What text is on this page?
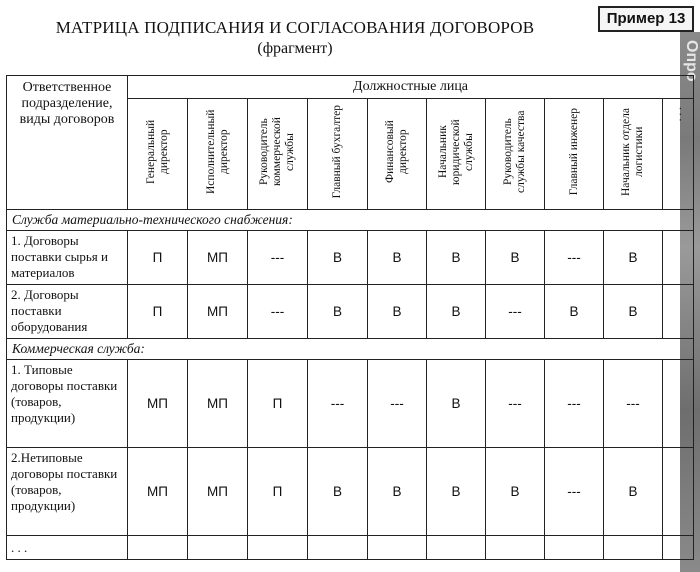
МАТРИЦА ПОДПИСАНИЯ И СОГЛАСОВАНИЯ ДОГОВОРОВ
(фрагмент)
Пример 13
Опро
Ответственное подразделение, виды договоров	Должностные лица									
	Генеральный директор	Исполнительный директор	Руководитель коммерческой службы	Главный бухгалтер	Финансовый директор	Начальник юридической службы	Руководитель службы качества	Главный инженер	Начальник отдела логистики	. . .
Служба материально-технического снабжения:										
1. Договоры поставки сырья и материалов	П	МП	---	В	В	В	В	---	В	
2. Договоры поставки оборудования	П	МП	---	В	В	В	---	В	В	
Коммерческая служба:										
1. Типовые договоры поставки (товаров, продукции)	МП	МП	П	---	---	В	---	---	---	
2.Нетиповые договоры поставки (товаров, продукции)	МП	МП	П	В	В	В	В	---	В	
. . .										
